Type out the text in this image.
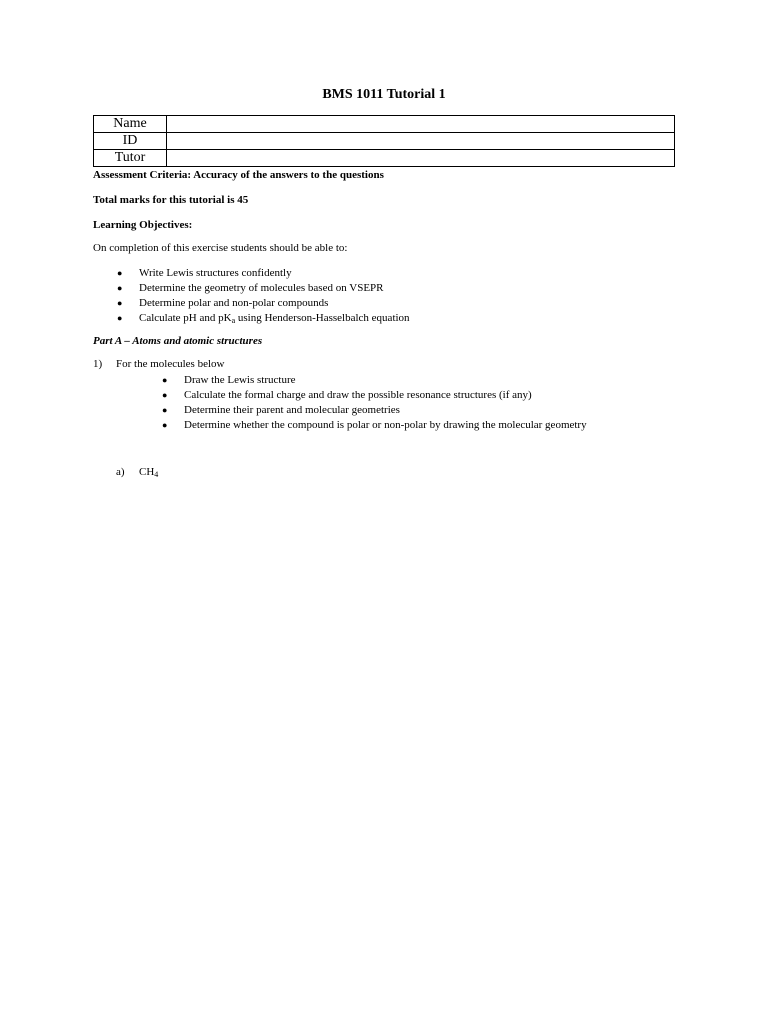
BMS 1011 Tutorial 1
Name	
ID	
Tutor	
Assessment Criteria: Accuracy of the answers to the questions
Total marks for this tutorial is 45
Learning Objectives:
On completion of this exercise students should be able to:
● Write Lewis structures confidently
● Determine the geometry of molecules based on VSEPR
● Determine polar and non-polar compounds
● Calculate pH and $pK_a$ using Henderson-Hasselbalch equation
Part A – Atoms and atomic structures
1) For the molecules below
● Draw the Lewis structure
● Calculate the formal charge and draw the possible resonance structures (if any)
● Determine their parent and molecular geometries
● Determine whether the compound is polar or non-polar by drawing the molecular geometry
a) $CH_4$
